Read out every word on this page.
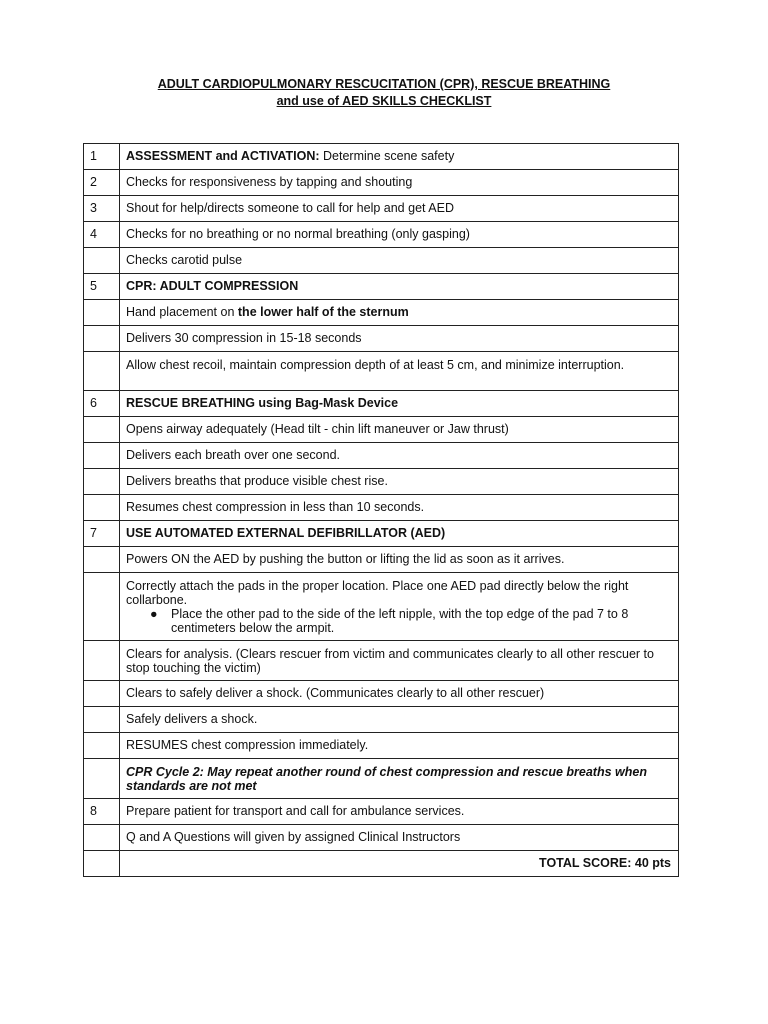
ADULT CARDIOPULMONARY RESCUCITATION (CPR), RESCUE BREATHING
and use of AED SKILLS CHECKLIST
1	ASSESSMENT and ACTIVATION: Determine scene safety
2	Checks for responsiveness by tapping and shouting
3	Shout for help/directs someone to call for help and get AED
4	Checks for no breathing or no normal breathing (only gasping)
	Checks carotid pulse
5	CPR: ADULT COMPRESSION
	Hand placement on the lower half of the sternum
	Delivers 30 compression in 15-18 seconds
	Allow chest recoil, maintain compression depth of at least 5 cm, and minimize interruption.
6	RESCUE BREATHING using Bag-Mask Device
	Opens airway adequately (Head tilt - chin lift maneuver or Jaw thrust)
	Delivers each breath over one second.
	Delivers breaths that produce visible chest rise.
	Resumes chest compression in less than 10 seconds.
7	USE AUTOMATED EXTERNAL DEFIBRILLATOR (AED)
	Powers ON the AED by pushing the button or lifting the lid as soon as it arrives.

	Correctly attach the pads in the proper location. Place one AED pad directly below the right collarbone.
● Place the other pad to the side of the left nipple, with the top edge of the pad 7 to 8 centimeters below the armpit.

	Clears for analysis. (Clears rescuer from victim and communicates clearly to all other rescuer to stop touching the victim)
	Clears to safely deliver a shock. (Communicates clearly to all other rescuer)
	Safely delivers a shock.
	RESUMES chest compression immediately.
	CPR Cycle 2: May repeat another round of chest compression and rescue breaths when standards are not met
8	Prepare patient for transport and call for ambulance services.
	Q and A Questions will given by assigned Clinical Instructors
	TOTAL SCORE: 40 pts
